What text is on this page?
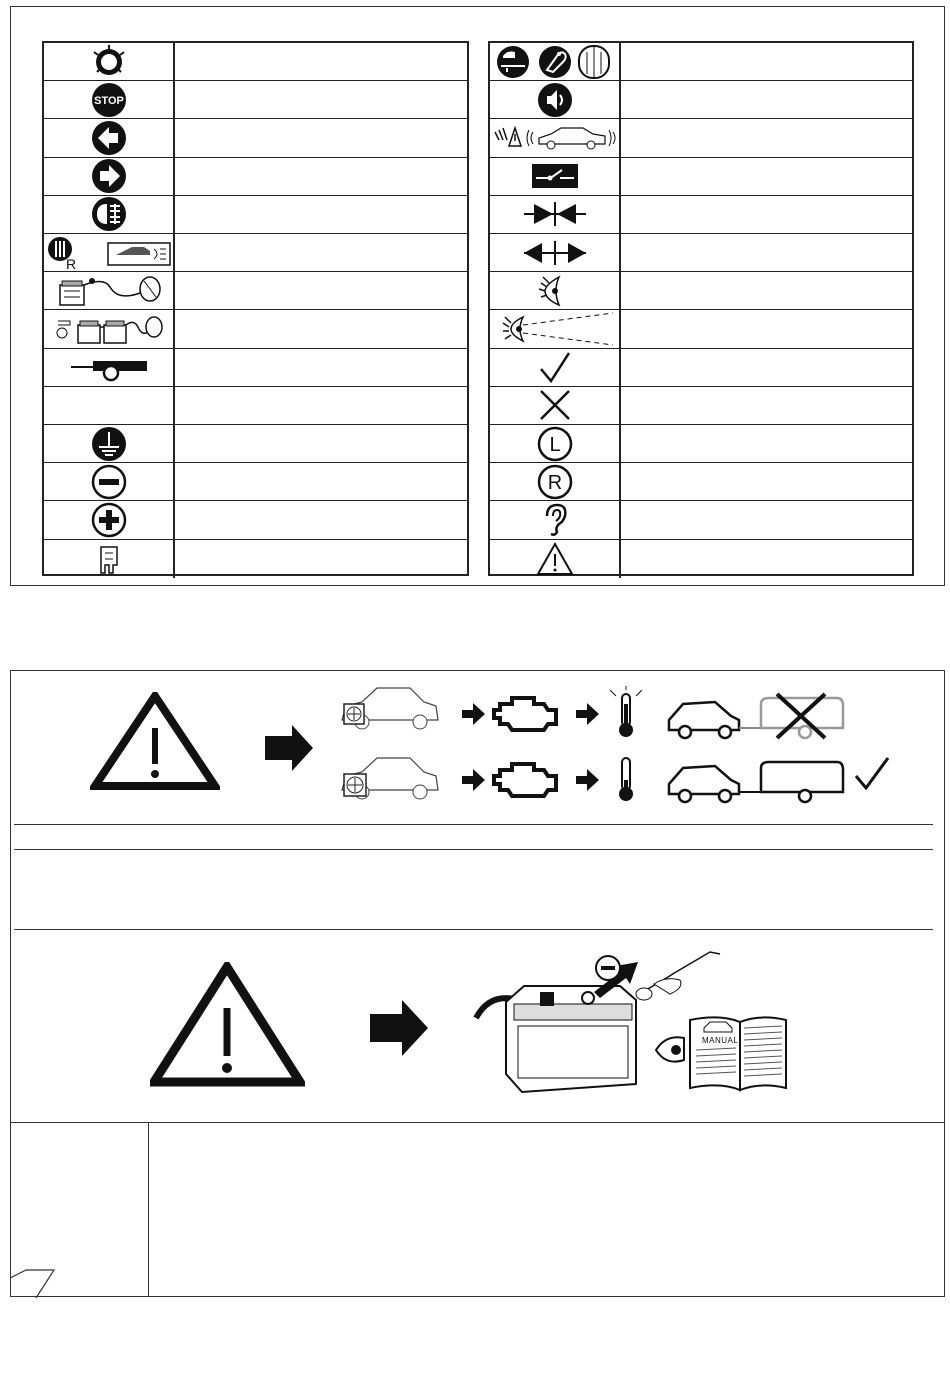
STOP
R
L
R
MANUAL
